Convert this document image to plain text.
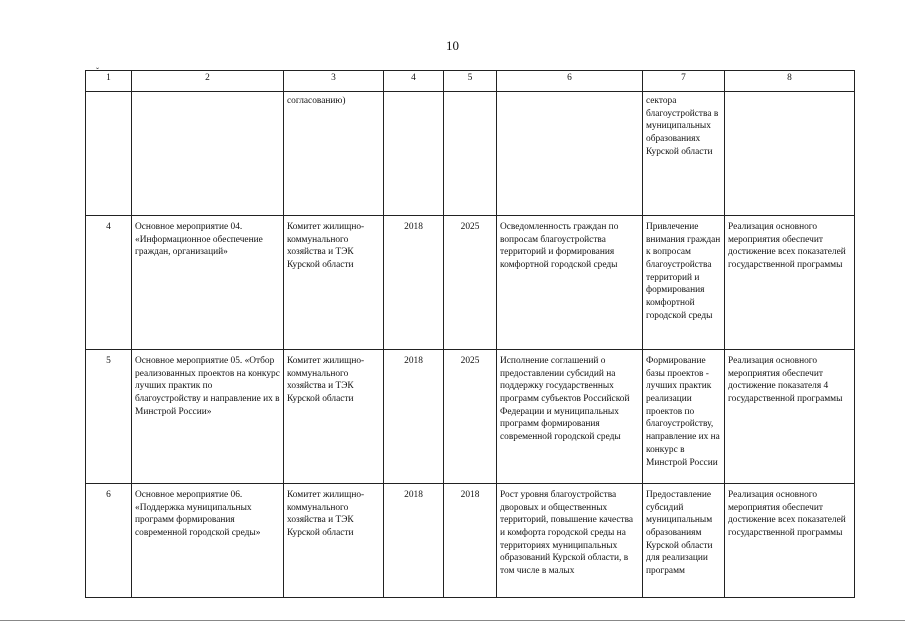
10
ˇ
1	2	3	4	5	6	7	8
		согласованию)				сектора благоустройства в муниципальных образованиях Курской области	
4	Основное мероприятие 04. «Информационное обеспечение граждан, организаций»	Комитет жилищно-коммунального хозяйства и ТЭК Курской области	2018	2025	Осведомленность граждан по вопросам благоустройства территорий и формирования комфортной городской среды	Привлечение внимания граждан к вопросам благоустройства территорий и формирования комфортной городской среды	Реализация основного мероприятия обеспечит достижение всех показателей государственной программы
5	Основное мероприятие 05. «Отбор реализованных проектов на конкурс лучших практик по благоустройству и направление их в Минстрой России»	Комитет жилищно-коммунального хозяйства и ТЭК Курской области	2018	2025	Исполнение соглашений о предоставлении субсидий на поддержку государственных программ субъектов Российской Федерации и муниципальных программ формирования современной городской среды	Формирование базы проектов - лучших практик реализации проектов по благоустройству, направление их на конкурс в Минстрой России	Реализация основного мероприятия обеспечит достижение показателя 4 государственной программы
6	Основное мероприятие 06. «Поддержка муниципальных программ формирования современной городской среды»	Комитет жилищно-коммунального хозяйства и ТЭК Курской области	2018	2018	Рост уровня благоустройства дворовых и общественных территорий, повышение качества и комфорта городской среды на территориях муниципальных образований Курской области, в том числе в малых	Предоставление субсидий муниципальным образованиям Курской области для реализации программ	Реализация основного мероприятия обеспечит достижение всех показателей государственной программы
